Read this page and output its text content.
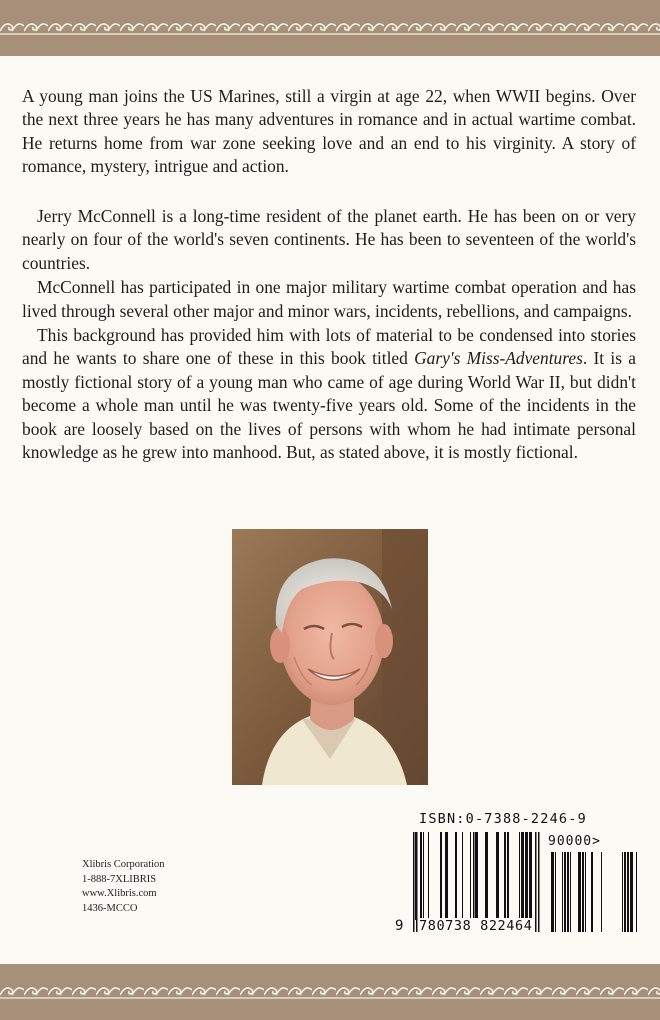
A young man joins the US Marines, still a virgin at age 22, when WWII begins. Over the next three years he has many adventures in romance and in actual wartime combat. He returns home from war zone seeking love and an end to his virginity. A story of romance, mystery, intrigue and action.

Jerry McConnell is a long-time resident of the planet earth. He has been on or very nearly on four of the world's seven continents. He has been to seventeen of the world's countries.

McConnell has participated in one major military wartime combat operation and has lived through several other major and minor wars, incidents, rebellions, and campaigns.

This background has provided him with lots of material to be condensed into stories and he wants to share one of these in this book titled Gary's Miss-Adventures. It is a mostly fictional story of a young man who came of age during World War II, but didn't become a whole man until he was twenty-five years old. Some of the incidents in the book are loosely based on the lives of persons with whom he had intimate personal knowledge as he grew into manhood. But, as stated above, it is mostly fictional.

Xlibris Corporation
1-888-7XLIBRIS
www.Xlibris.com
1436-MCCO
ISBN:0-7388-2246-9
90000>
9 780738 822464
